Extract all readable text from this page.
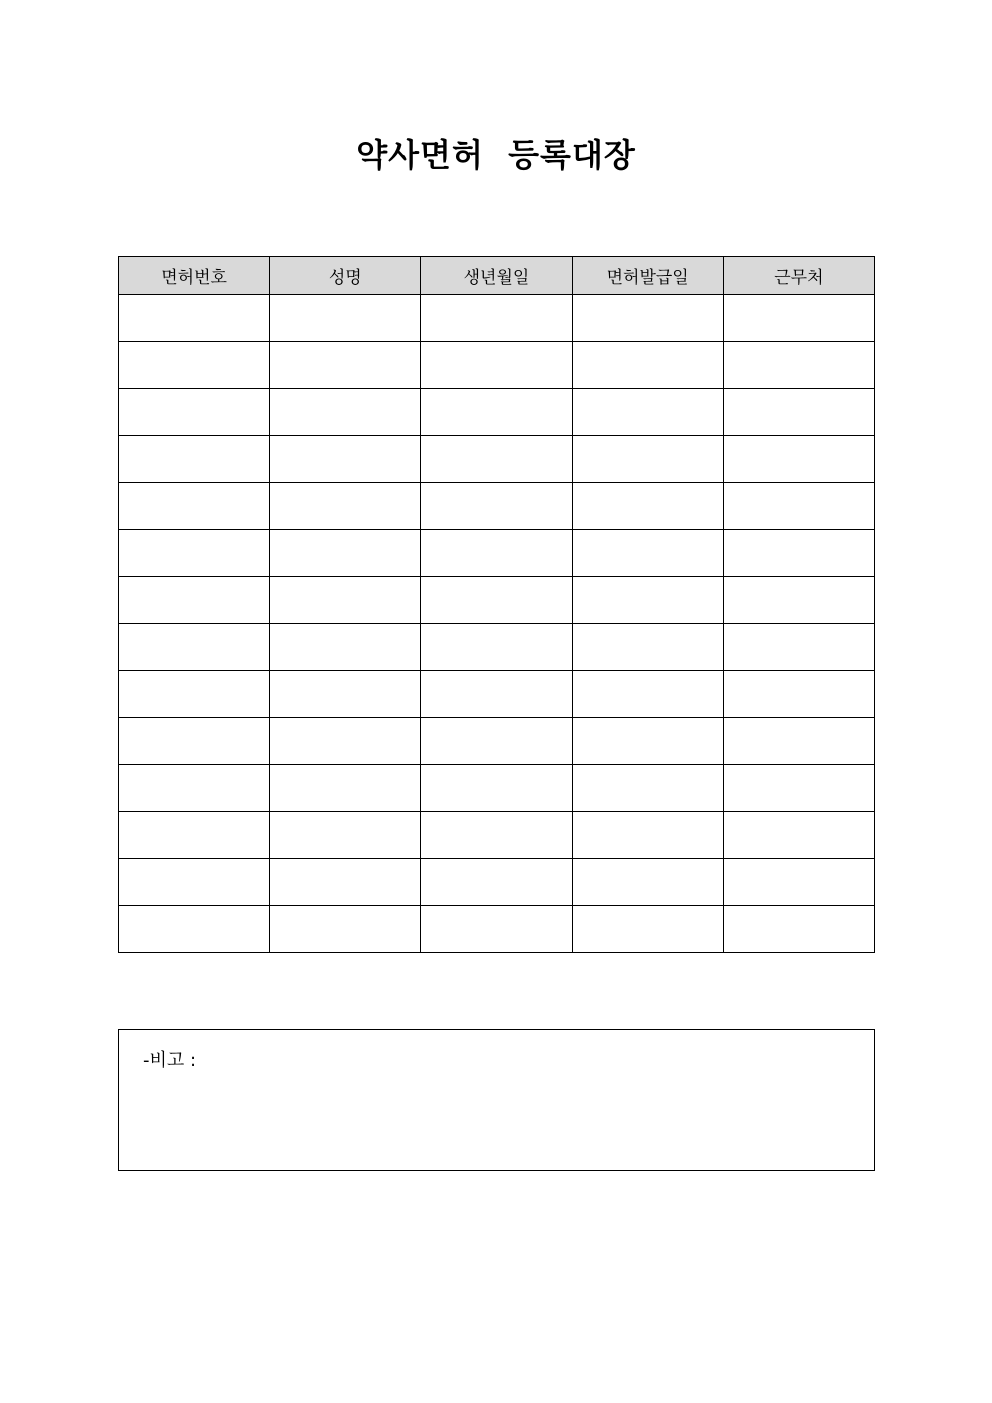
약사면허  등록대장
면허번호	성명	생년월일	면허발급일	근무처

-비고 :
